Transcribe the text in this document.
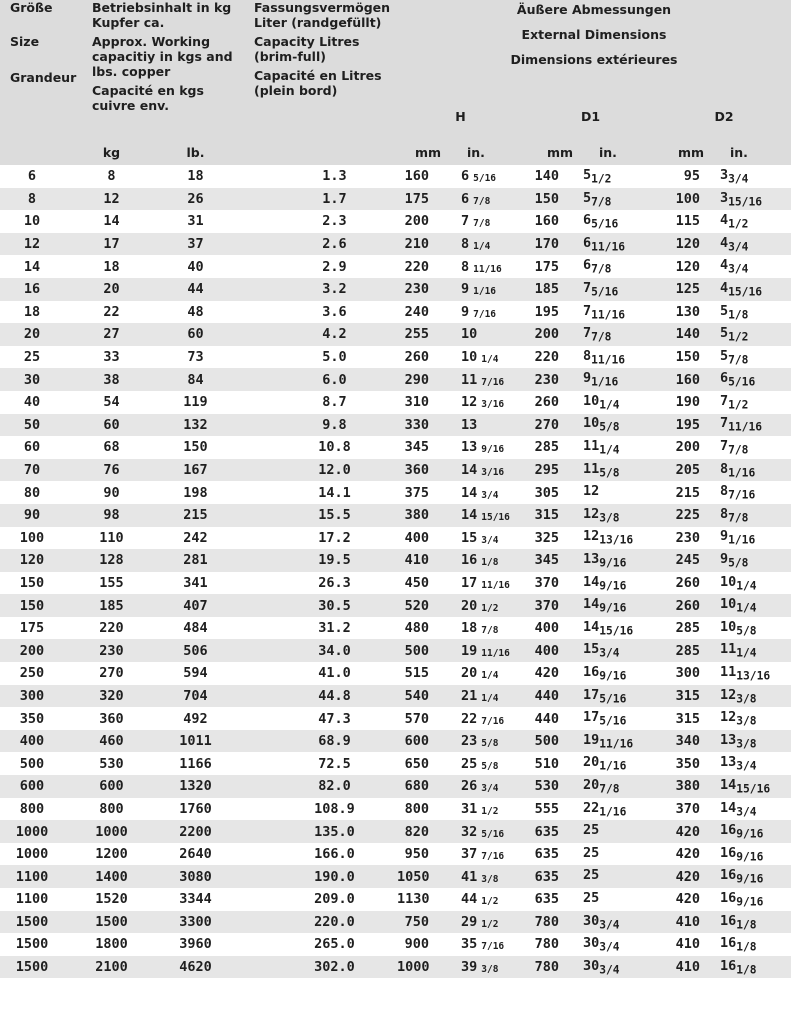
Größe
Size
Grandeur	Betriebsinhalt in kg Kupfer ca.
Approx. Working capacitiy in kgs and lbs. copper
Capacité en kgs cuivre env.		Fassungsvermögen Liter (randgefüllt)
Capacity Litres (brim-full)
Capacité en Litres (plein bord)	Äußere Abmessungen
External Dimensions
Dimensions extérieures					

				H		D1		D2	
	kg	lb.		mm	in.	mm	in.	mm	in.
6	8	18	1.3	160	6 $_{5/16}$	140	$5_{1/2}$	95	$3_{3/4}$
8	12	26	1.7	175	6 $_{7/8}$	150	$5_{7/8}$	100	$3_{15/16}$
10	14	31	2.3	200	7 $_{7/8}$	160	$6_{5/16}$	115	$4_{1/2}$
12	17	37	2.6	210	8 $_{1/4}$	170	$6_{11/16}$	120	$4_{3/4}$
14	18	40	2.9	220	8 $_{11/16}$	175	$6_{7/8}$	120	$4_{3/4}$
16	20	44	3.2	230	9 $_{1/16}$	185	$7_{5/16}$	125	$4_{15/16}$
18	22	48	3.6	240	9 $_{7/16}$	195	$7_{11/16}$	130	$5_{1/8}$
20	27	60	4.2	255	10	200	$7_{7/8}$	140	$5_{1/2}$
25	33	73	5.0	260	10 $_{1/4}$	220	$8_{11/16}$	150	$5_{7/8}$
30	38	84	6.0	290	11 $_{7/16}$	230	$9_{1/16}$	160	$6_{5/16}$
40	54	119	8.7	310	12 $_{3/16}$	260	$10_{1/4}$	190	$7_{1/2}$
50	60	132	9.8	330	13	270	$10_{5/8}$	195	$7_{11/16}$
60	68	150	10.8	345	13 $_{9/16}$	285	$11_{1/4}$	200	$7_{7/8}$
70	76	167	12.0	360	14 $_{3/16}$	295	$11_{5/8}$	205	$8_{1/16}$
80	90	198	14.1	375	14 $_{3/4}$	305	12	215	$8_{7/16}$
90	98	215	15.5	380	14 $_{15/16}$	315	$12_{3/8}$	225	$8_{7/8}$
100	110	242	17.2	400	15 $_{3/4}$	325	$12_{13/16}$	230	$9_{1/16}$
120	128	281	19.5	410	16 $_{1/8}$	345	$13_{9/16}$	245	$9_{5/8}$
150	155	341	26.3	450	17 $_{11/16}$	370	$14_{9/16}$	260	$10_{1/4}$
150	185	407	30.5	520	20 $_{1/2}$	370	$14_{9/16}$	260	$10_{1/4}$
175	220	484	31.2	480	18 $_{7/8}$	400	$14_{15/16}$	285	$10_{5/8}$
200	230	506	34.0	500	19 $_{11/16}$	400	$15_{3/4}$	285	$11_{1/4}$
250	270	594	41.0	515	20 $_{1/4}$	420	$16_{9/16}$	300	$11_{13/16}$
300	320	704	44.8	540	21 $_{1/4}$	440	$17_{5/16}$	315	$12_{3/8}$
350	360	492	47.3	570	22 $_{7/16}$	440	$17_{5/16}$	315	$12_{3/8}$
400	460	1011	68.9	600	23 $_{5/8}$	500	$19_{11/16}$	340	$13_{3/8}$
500	530	1166	72.5	650	25 $_{5/8}$	510	$20_{1/16}$	350	$13_{3/4}$
600	600	1320	82.0	680	26 $_{3/4}$	530	$20_{7/8}$	380	$14_{15/16}$
800	800	1760	108.9	800	31 $_{1/2}$	555	$22_{1/16}$	370	$14_{3/4}$
1000	1000	2200	135.0	820	32 $_{5/16}$	635	25	420	$16_{9/16}$
1000	1200	2640	166.0	950	37 $_{7/16}$	635	25	420	$16_{9/16}$
1100	1400	3080	190.0	1050	41 $_{3/8}$	635	25	420	$16_{9/16}$
1100	1520	3344	209.0	1130	44 $_{1/2}$	635	25	420	$16_{9/16}$
1500	1500	3300	220.0	750	29 $_{1/2}$	780	$30_{3/4}$	410	$16_{1/8}$
1500	1800	3960	265.0	900	35 $_{7/16}$	780	$30_{3/4}$	410	$16_{1/8}$
1500	2100	4620	302.0	1000	39 $_{3/8}$	780	$30_{3/4}$	410	$16_{1/8}$
